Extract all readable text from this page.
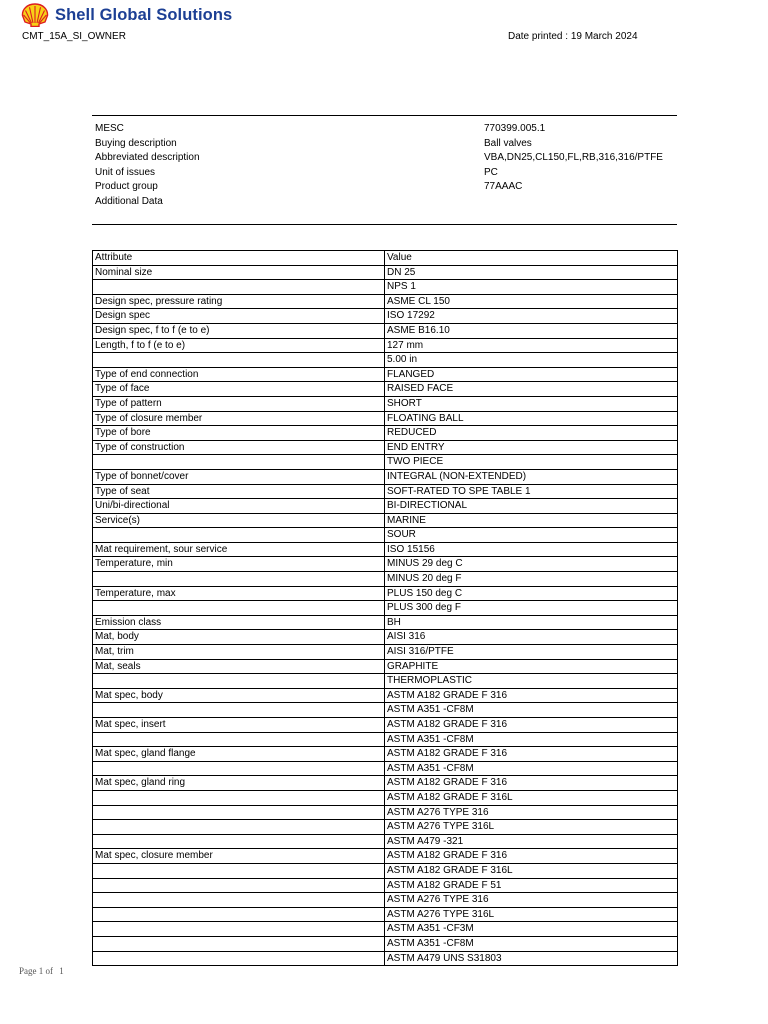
Shell Global Solutions
CMT_15A_SI_OWNER	Date printed : 19 March 2024
MESC	770399.005.1
Buying description	Ball valves
Abbreviated description	VBA,DN25,CL150,FL,RB,316,316/PTFE
Unit of issues	PC
Product group	77AAAC
Additional Data
Attribute	Value
Nominal size	DN 25
	NPS 1
Design spec, pressure rating	ASME CL 150
Design spec	ISO 17292
Design spec, f to f (e to e)	ASME B16.10
Length, f to f (e to e)	127 mm
	5.00 in
Type of end connection	FLANGED
Type of face	RAISED FACE
Type of pattern	SHORT
Type of closure member	FLOATING BALL
Type of bore	REDUCED
Type of construction	END ENTRY
	TWO PIECE
Type of bonnet/cover	INTEGRAL (NON-EXTENDED)
Type of seat	SOFT-RATED TO SPE TABLE 1
Uni/bi-directional	BI-DIRECTIONAL
Service(s)	MARINE
	SOUR
Mat requirement, sour service	ISO 15156
Temperature, min	MINUS 29 deg C
	MINUS 20 deg F
Temperature, max	PLUS 150 deg C
	PLUS 300 deg F
Emission class	BH
Mat, body	AISI 316
Mat, trim	AISI 316/PTFE
Mat, seals	GRAPHITE
	THERMOPLASTIC
Mat spec, body	ASTM A182 GRADE F 316
	ASTM A351 -CF8M
Mat spec, insert	ASTM A182 GRADE F 316
	ASTM A351 -CF8M
Mat spec, gland flange	ASTM A182 GRADE F 316
	ASTM A351 -CF8M
Mat spec, gland ring	ASTM A182 GRADE F 316
	ASTM A182 GRADE F 316L
	ASTM A276 TYPE 316
	ASTM A276 TYPE 316L
	ASTM A479 -321
Mat spec, closure member	ASTM A182 GRADE F 316
	ASTM A182 GRADE F 316L
	ASTM A182 GRADE F 51
	ASTM A276 TYPE 316
	ASTM A276 TYPE 316L
	ASTM A351 -CF3M
	ASTM A351 -CF8M
	ASTM A479 UNS S31803
Page 1 of 1
